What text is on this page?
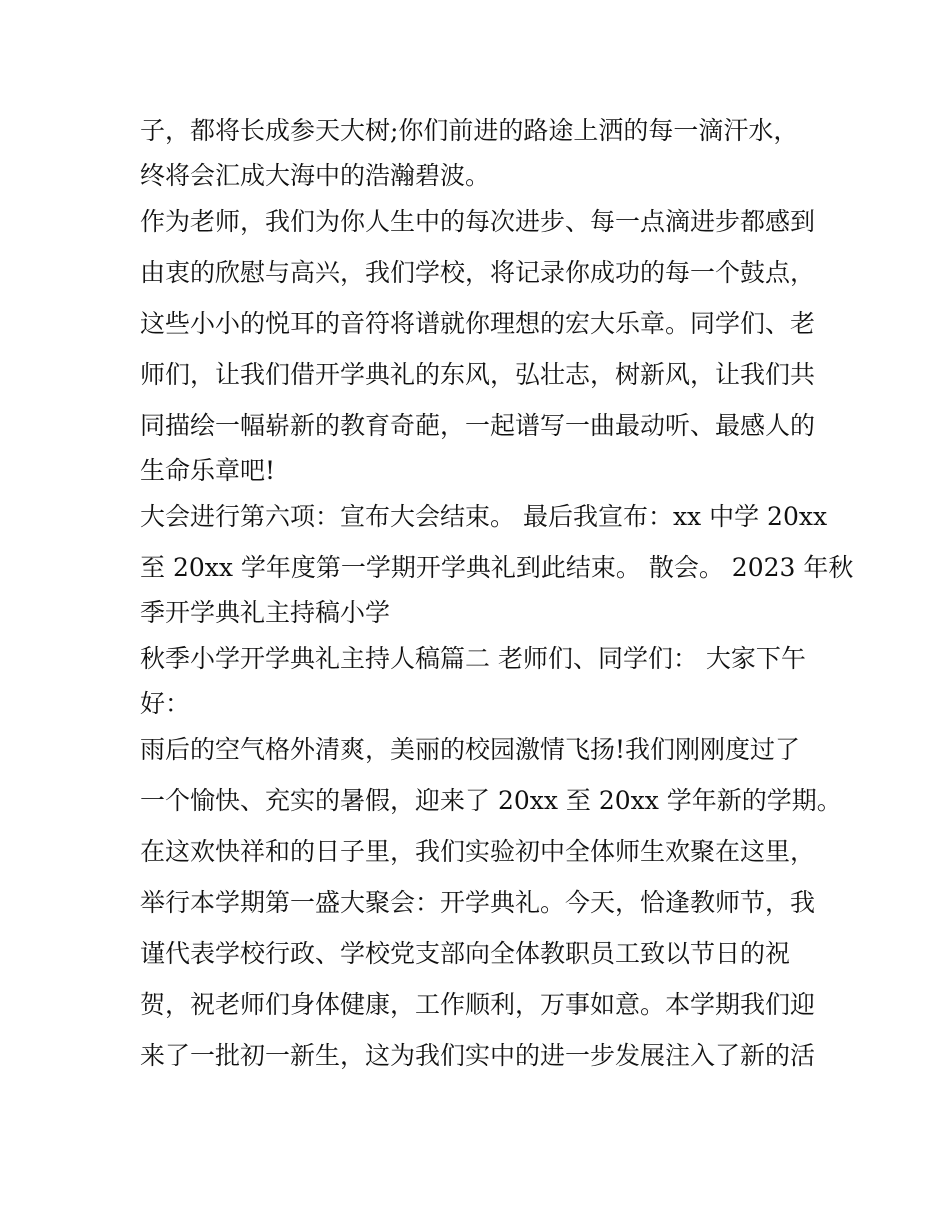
子，都将长成参天大树;你们前进的路途上洒的每一滴汗水，
终将会汇成大海中的浩瀚碧波。
作为老师，我们为你人生中的每次进步、每一点滴进步都感到
由衷的欣慰与高兴，我们学校，将记录你成功的每一个鼓点，
这些小小的悦耳的音符将谱就你理想的宏大乐章。同学们、老
师们，让我们借开学典礼的东风，弘壮志，树新风，让我们共
同描绘一幅崭新的教育奇葩，一起谱写一曲最动听、最感人的
生命乐章吧!
大会进行第六项：宣布大会结束。 最后我宣布：xx 中学 20xx
至 20xx 学年度第一学期开学典礼到此结束。 散会。 2023 年秋
季开学典礼主持稿小学
秋季小学开学典礼主持人稿篇二 老师们、同学们： 大家下午
好：
雨后的空气格外清爽，美丽的校园激情飞扬!我们刚刚度过了
一个愉快、充实的暑假，迎来了 20xx 至 20xx 学年新的学期。
在这欢快祥和的日子里，我们实验初中全体师生欢聚在这里，
举行本学期第一盛大聚会：开学典礼。今天，恰逢教师节，我
谨代表学校行政、学校党支部向全体教职员工致以节日的祝
贺，祝老师们身体健康，工作顺利，万事如意。本学期我们迎
来了一批初一新生，这为我们实中的进一步发展注入了新的活
